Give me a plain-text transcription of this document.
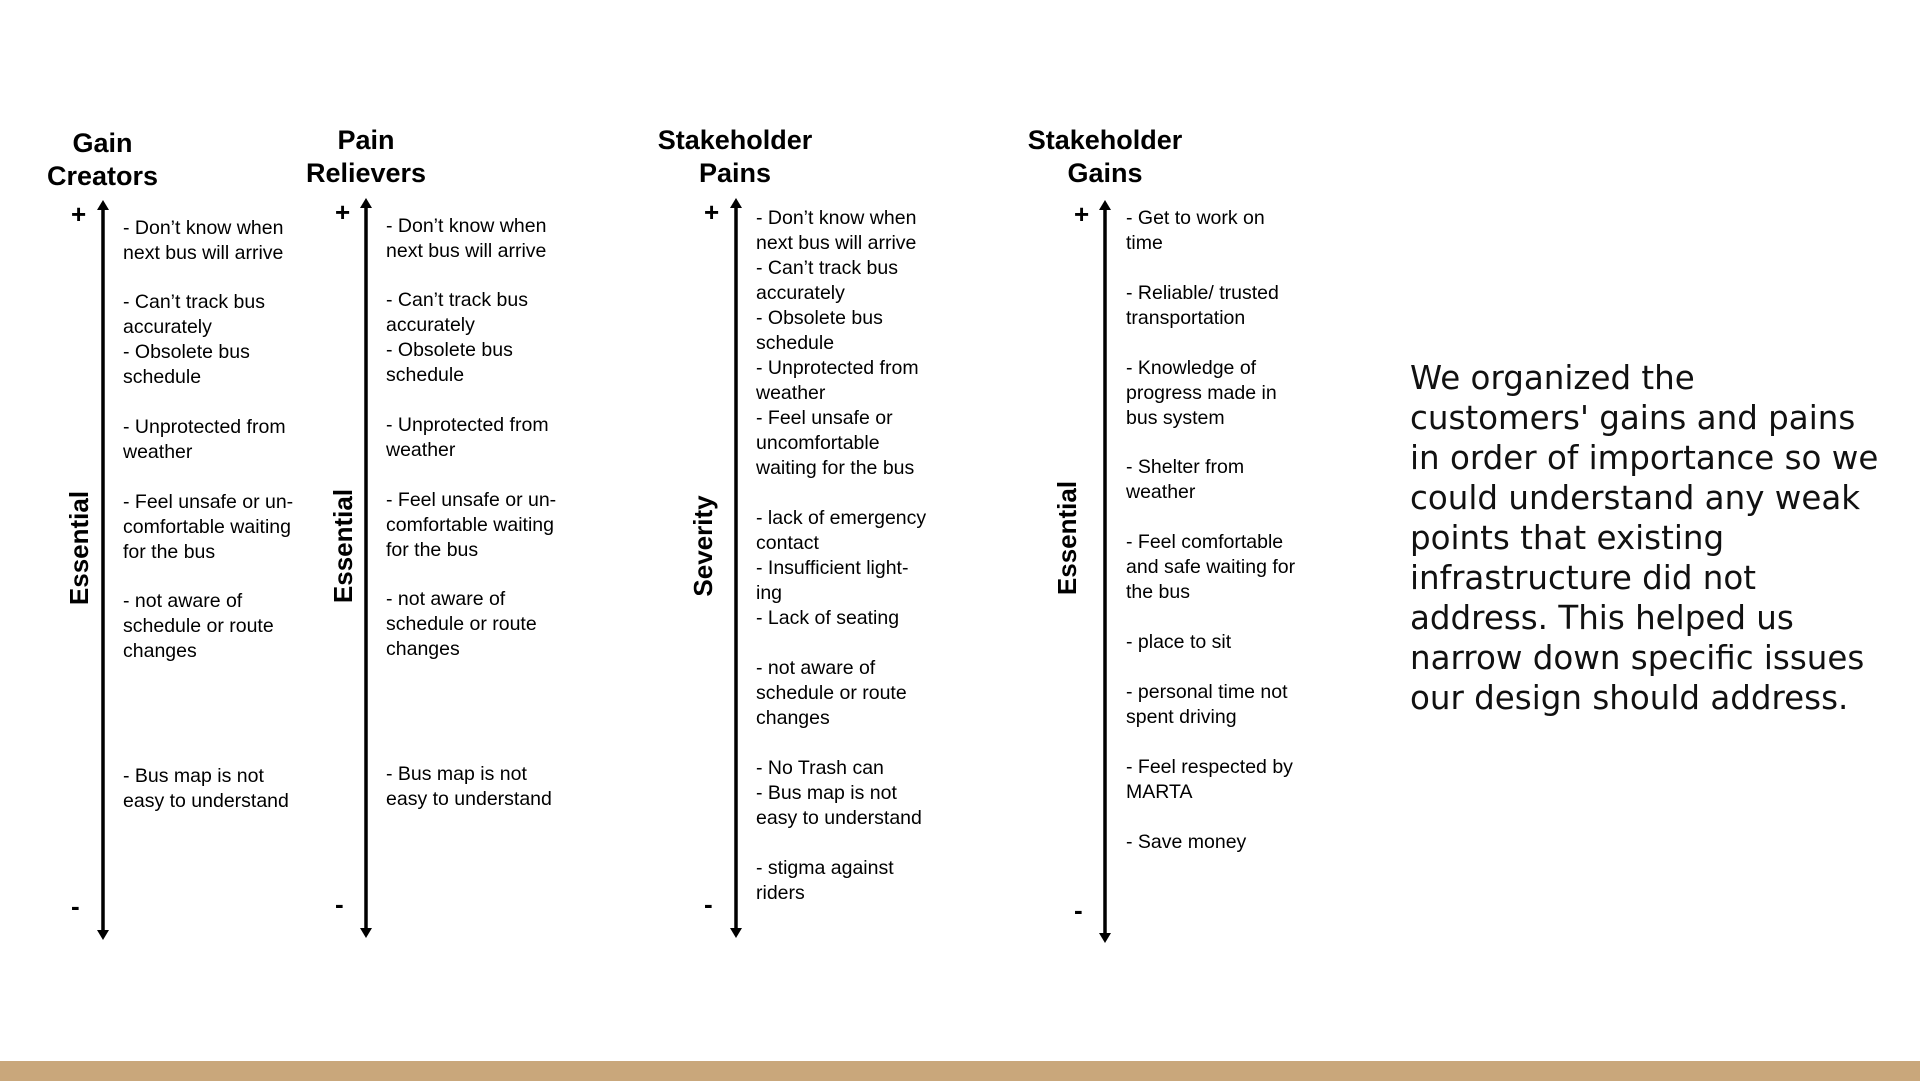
Gain
Creators
+
-
Essential
- Don’t know when
next bus will arrive
- Can’t track bus
accurately
- Obsolete bus
schedule
- Unprotected from
weather
- Feel unsafe or un-
comfortable waiting
for the bus
- not aware of
schedule or route
changes
- Bus map is not
easy to understand
Pain
Relievers
+
-
Essential
- Don’t know when
next bus will arrive
- Can’t track bus
accurately
- Obsolete bus
schedule
- Unprotected from
weather
- Feel unsafe or un-
comfortable waiting
for the bus
- not aware of
schedule or route
changes
- Bus map is not
easy to understand
Stakeholder
Pains
+
-
Severity
- Don’t know when
next bus will arrive
- Can’t track bus
accurately
- Obsolete bus
schedule
- Unprotected from
weather
- Feel unsafe or
uncomfortable
waiting for the bus
- lack of emergency
contact
- Insufficient light-
ing
- Lack of seating
- not aware of
schedule or route
changes
- No Trash can
- Bus map is not
easy to understand
- stigma against
riders
Stakeholder
Gains
+
-
Essential
- Get to work on
time
- Reliable/ trusted
transportation
- Knowledge of
progress made in
bus system
- Shelter from
weather
- Feel comfortable
and safe waiting for
the bus
- place to sit
- personal time not
spent driving
- Feel respected by
MARTA
- Save money
We organized the customers' gains and pains in order of importance so we could understand any weak points that existing infrastructure did not address. This helped us narrow down specific issues our design should address.
